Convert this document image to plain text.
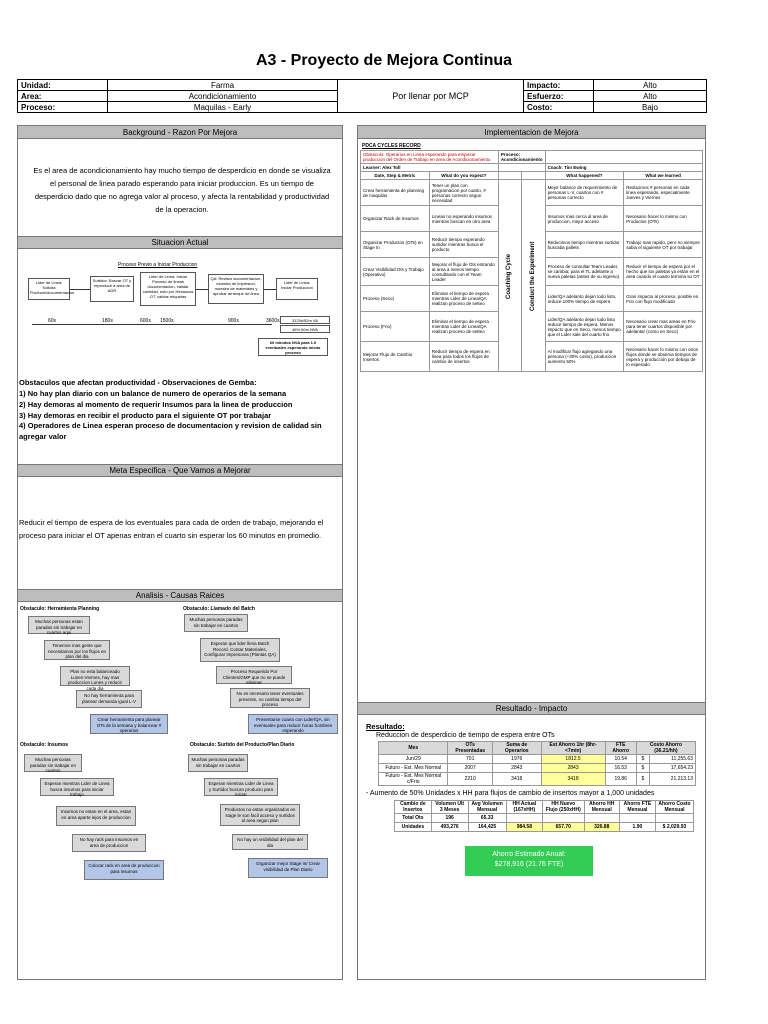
A3 - Proyecto de Mejora Continua
Unidad:	Farma	Por llenar por MCP	Impacto:	Alto
Area:	Acondicionamiento		Esfuerzo:	Alto
Proceso:	Maquilas - Early		Costo:	Bajo
Background - Razon Por Mejora
Es el area de acondicionamiento hay mucho tiempo de desperdicio en donde se visualiza el personal de linea parado esperando para iniciar produccion. Es un tiempo de desperdicio dado que no agrega valor al proceso, y afecta la rentabilidad y productividad de la operacion.
Situacion Actual
Proceso Previo a Iniciar Produccion
Lider de Linea: Solicita Producto/documentacion
Surtidor: Buscar OT y reproducir a area de ADR
Lider de Linea: Iniciar Proceso de lineas documentacion, validar cantidad, esto por Hirsauuss OT, validar etiquetas
QA: Revisar documentacion, muestra de impresion, muestra de materiales y aprobar arranque de linea
Lider de Linea: Iniciar Produccion
60s	180s	600s 1500s	900s	3600s	3120s/52m VA
46% 60m NVA
60 minutos NVA para 1.0 eventuales esperando iniciar proceso
Obstaculos que afectan productividad - Observaciones de Gemba:
1) No hay plan diario con un balance de numero de operarios de la semana
2) Hay demoras al momento de requerir Insumos para la linea de produccion
3) Hay demoras en recibir el producto para el siguiente OT por trabajar
4) Operadores de Linea esperan proceso de documentacion y revision de calidad sin agregar valor
Meta Especifica - Que Vamos a Mejorar
Reducir el tiempo de espera de los eventuales para cada de orden de trabajo, mejorando el proceso para iniciar el OT apenas entran el cuarto sin esperar los 60 minutos en promedio.
Analisis - Causas Raices
Obstaculo: Herramienta Planning
Muchas personas estan paradas sin trabajar en cuartos aqui
Tenemos mas gente que necesitamos por los flujos en plan del dia
Plan no esta balanceado Lunes-Viernes, hay mas produccion Lunes y reducir cada dia
No hay herramienta para planear demanda igual L-V
Crear herramienta para planear OTs de la semana y balancear # operarios
Obstaculo: Llamado del Batch
Muchas personas paradas sin trabajar en cuartos
Esperan que lider llena Batch Record, Contar Materiales, Configurar Impresoras (Plantas QA)
Proceso Requerido Por Clientes/GMP que no se puede eliminar
No es necesario tener eventuales presente, no cambia tiempo del proceso
Presentarse cuarto con Lider/QA, sin eventuales para reducir horas hombres esperando
Obstaculo: Insumos
Muchas personas paradas sin trabajar en cuartos
Esperan mientras Lider de Linea busca insumos para iniciar trabajo
Insumos no estan en el area, estan en area aparte lejos de produccion
No hay rack para insumos en area de produccion
Colocar rack en area de produccion para insumos
Obstaculo: Surtido del Producto/Plan Diario
Muchas personas paradas sin trabajar en cuartos
Esperan mientras Lider de Linea y Surtidor buscan producto para iniciar
Productos no estan organizados en stage le son facil acceso y surtidos al area segun plan
No hay un visibilidad del plan del dia
Organizar mejor Stage In/ Crear visibilidad de Plan Diario
Implementacion de Mejora
PDCA CYCLES RECORD
Obstaculo: Operarios en Linea esperando para empezar produccion del Orden de Trabajo en area de Acondicionamiento		Proceso: Acondicionamiento			
Learner: Alex Toll				Coach: Tim Ewing	
Date, Step & Metric	What do you expect?			What happened?	What we learned
Crear herramienta de planning de maquilas	Tener un plan con programacion por cuarto, # personas correcto segun necesidad	Coaching Cycle	Conduct the Experiment	Mejor balance de requerimiento de personas L-V, cuartos con # personas correcto	Reducimos # personas en cada linea esperando, especialmente Jueves y Viernes
Organizar Rack de Insumos	Lineas no esperando insumos mientras buscan en otro area			Insumos mas cerca al area de produccion, mejor acceso	Necesario hacer lo mismo con Productos (OTs)
Organizar Productos (OTs) en Stage In	Reducir tiempo esperando surtidor mientras busca el producto			Reducimos tiempo mientras surtidor buscaba pallets	Trabajo mas rapido, pero no siempre sabia el siguiente OT por trabajar
Crear Visibilidad Ots y Trabajo (Operativo)	Mejorar el flujo de Ots entrando al area a menos tiempo consultando con el Team Leader			Proceso de consultar Team Leader, se cambia; para el TL adelante a nueva paletas (antes de su ingreso)	Reducir el tiempo de espera por el hecho que los paletas ya estan en el area cuando el cuarto termina su OT
Proceso (Seco)	Eliminar el tiempo de espera mientras Lider de Linea/QA realizan proceso de setteo			Lider/QA adelanto dejan todo listo, reduce 100% tiempo de espera	Gran impacto al proceso, posible en Frio con flujo modificado
Proceso (Frio)	Eliminar el tiempo de espera mientras Lider de Linea/QA realizan proceso de setteo			Lider/QA adelanto dejan todo listo reduce tiempo de espera. Menos impacto que en Seco, menos tiempo que el Lider sale del cuarto frio	Necesario crear mas areas en Frio para tener cuartos disponible por adelantar (como en Seco)
Mejorar Flujo de Cambio Insertos	Reducir tiempo de espera en linea para todos los flujos de cambio de insertos			Al modificar flujo agregando una persona (+30% costo), produccion aumento 50%	Necesario hacer lo mismo con otros flujos donde se observa tiempos de espera y producción por debajo de lo esperado
Resultado - Impacto
Resultado:
Reduccion de desperdicio de tiempo de espera entre OTs
Mes	OTs Presentadas	Suma de Operarios	Est Ahorro 1hr (8hr-<7min)	FTE Ahorro	Costo Ahorro (36.21/hh)	
Jun/29	701	1976	1812.5	10.54	$	11,255.63
Futuro - Est. Mes Normal	2007	2843	2843	16.53	$	17,654.23
Futuro - Est. Mes Normal c/Frio	2210	3418	3418	19.86	$	21,213.13
- Aumento de 50% Unidades x HH para flujos de cambio de insertos mayor a 1,000 unidades
Cambio de Insertos	Volumen Ult 3 Meses	Avg Volumen Mensual	HH Actual (167xHH)	HH Nuevo Flujo (250xHH)	Ahorro HH Mensual	Ahorro FTE Mensual	Ahorro Costo Mensual
Total Ots	196	65.33					
Unidades	493,276	164,425	984.58	657.70	326.88	1.90	$ 2,029.93
Ahorro Estimado Anual:
$278,916 (21.76 FTE)
